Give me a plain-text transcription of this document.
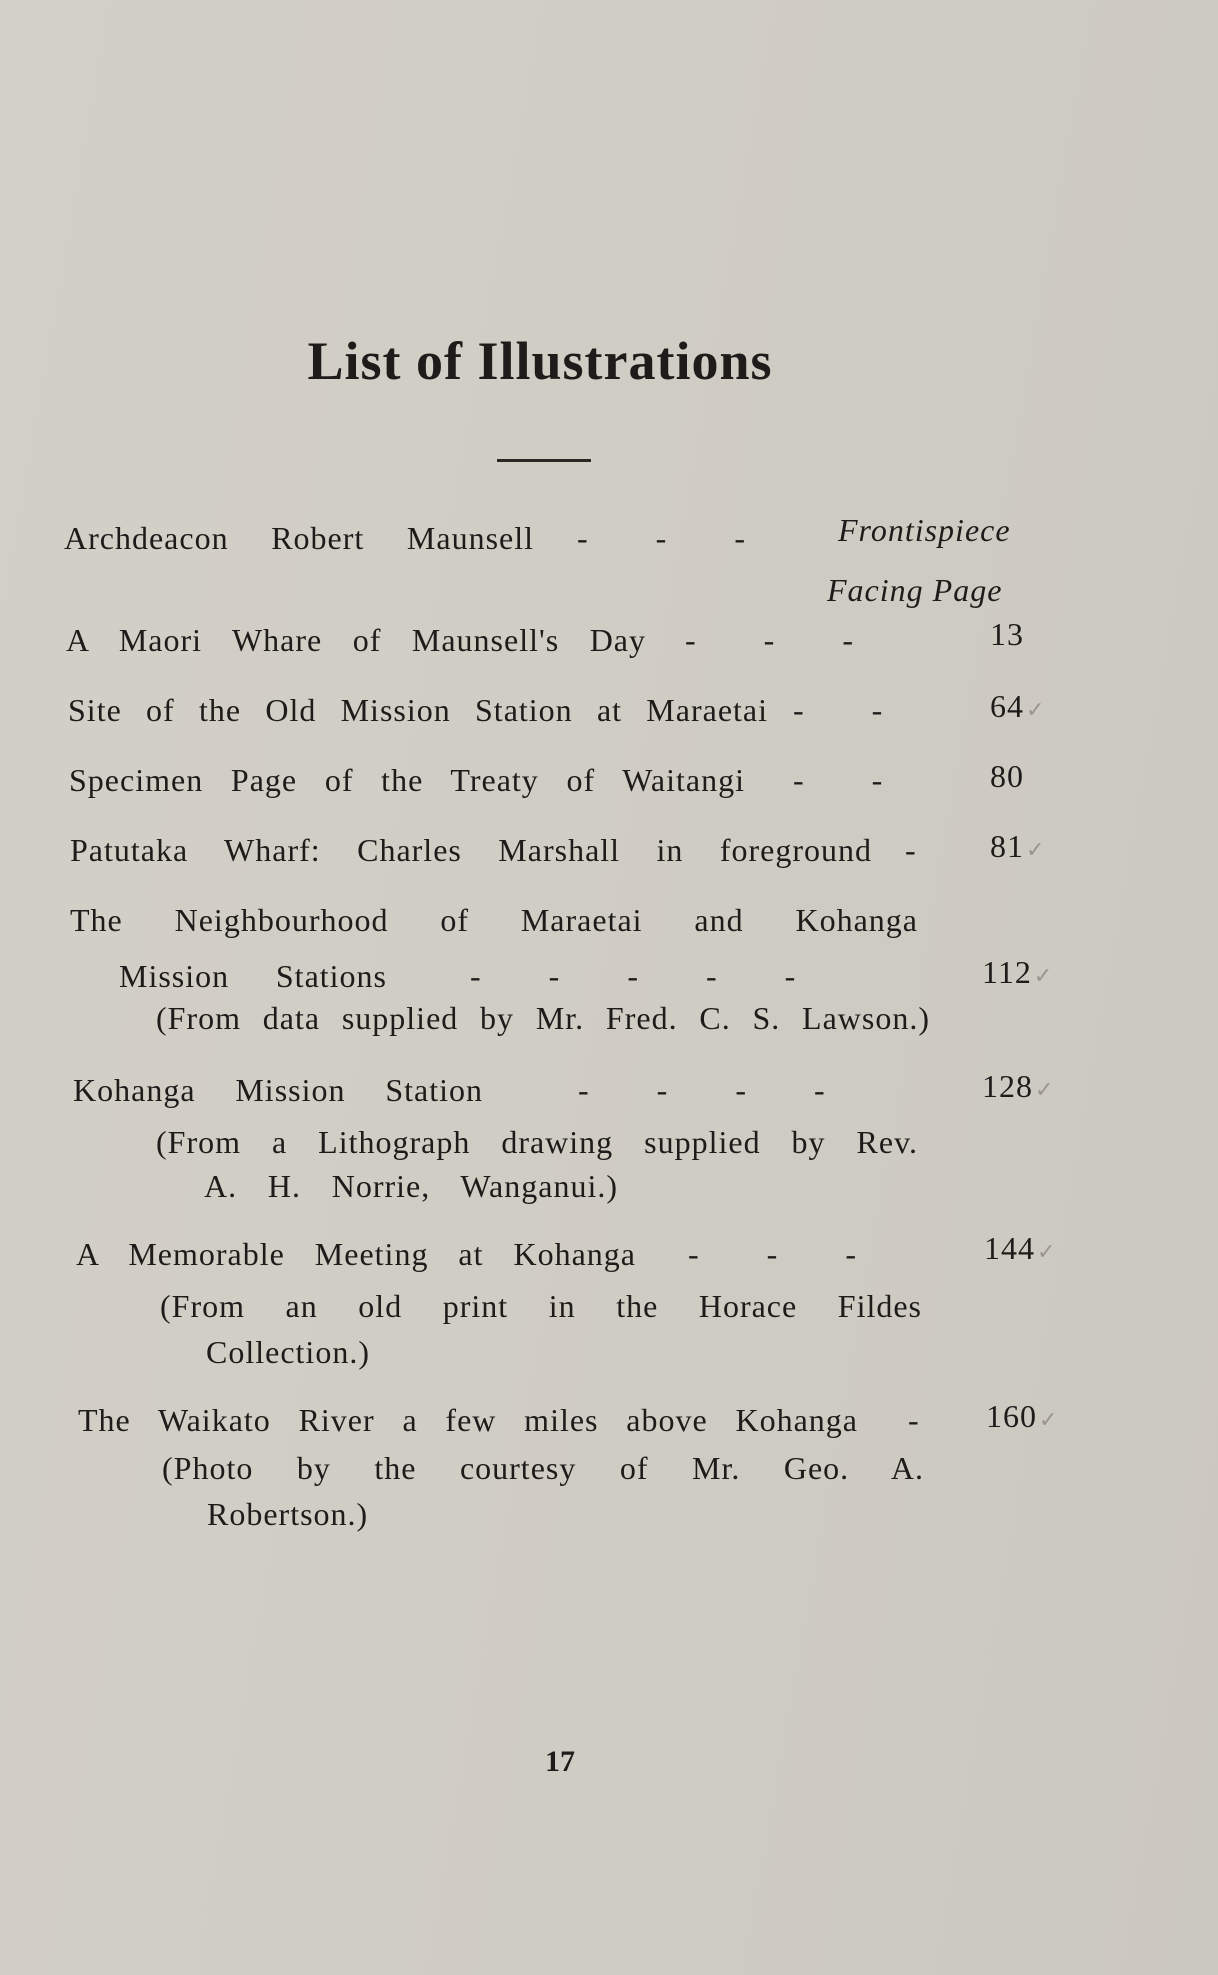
List of Illustrations
Archdeacon Robert Maunsell - - -	Frontispiece
Facing Page
A Maori Whare of Maunsell's Day - - -	13
Site of the Old Mission Station at Maraetai - -	64✓
Specimen Page of the Treaty of Waitangi - -	80
Patutaka Wharf: Charles Marshall in foreground - 81✓
The Neighbourhood of Maraetai and Kohanga
Mission Stations	- - - - -	112✓
(From data supplied by Mr. Fred. C. S. Lawson.)
Kohanga Mission Station	- - - -	128✓
(From a Lithograph drawing supplied by Rev.
A. H. Norrie, Wanganui.)
A Memorable Meeting at Kohanga - - -	144✓
(From an old print in the Horace Fildes
Collection.)
The Waikato River a few miles above Kohanga - 160✓
(Photo by the courtesy of Mr. Geo. A.
Robertson.)
17
